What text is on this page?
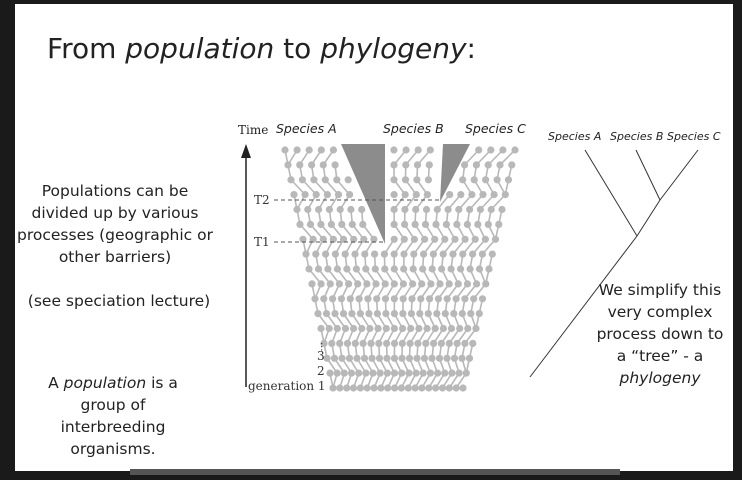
From population to phylogeny:
Populations can be divided up by various processes (geographic or other barriers)
(see speciation lecture)
A population is a group of interbreeding organisms.
We simplify this very complex process down to a “tree” - a
phylogeny
Time Species A	Species B Species C
T2
T1
...
3
2
generation 1
Species A Species B Species C
